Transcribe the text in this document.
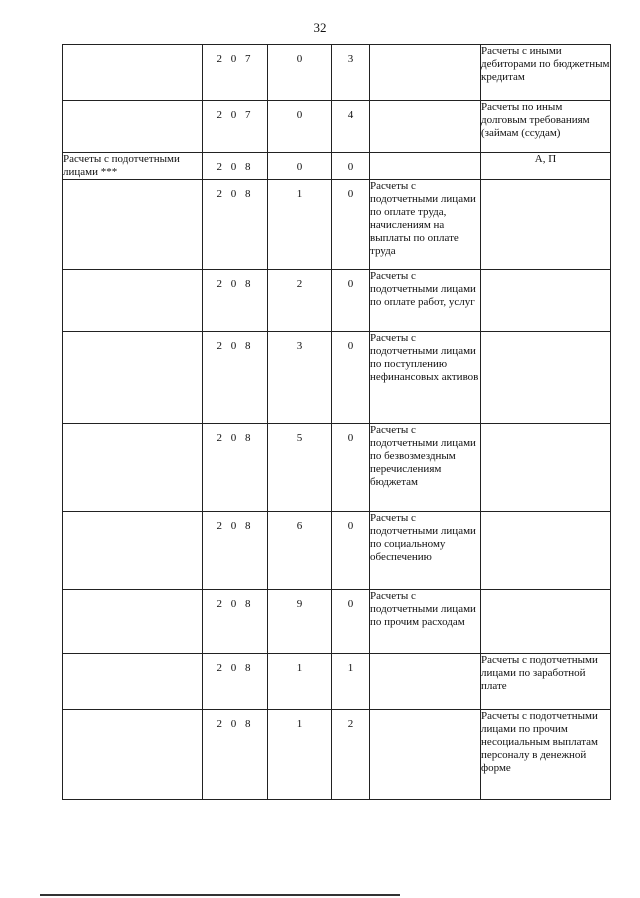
32
	2 0 7	0	3		Расчеты с иными дебиторами по бюджетным кредитам
	2 0 7	0	4		Расчеты по иным долговым требованиям (займам (ссудам)
Расчеты с подотчетными лицами ***	2 0 8	0	0		А, П
	2 0 8	1	0	Расчеты с подотчетными лицами по оплате труда, начислениям на выплаты по оплате труда	
	2 0 8	2	0	Расчеты с подотчетными лицами по оплате работ, услуг	
	2 0 8	3	0	Расчеты с подотчетными лицами по поступлению нефинансовых активов	
	2 0 8	5	0	Расчеты с подотчетными лицами по безвозмездным перечислениям бюджетам	
	2 0 8	6	0	Расчеты с подотчетными лицами по социальному обеспечению	
	2 0 8	9	0	Расчеты с подотчетными лицами по прочим расходам	
	2 0 8	1	1		Расчеты с подотчетными лицами по заработной плате
	2 0 8	1	2		Расчеты с подотчетными лицами по прочим несоциальным выплатам персоналу в денежной форме
